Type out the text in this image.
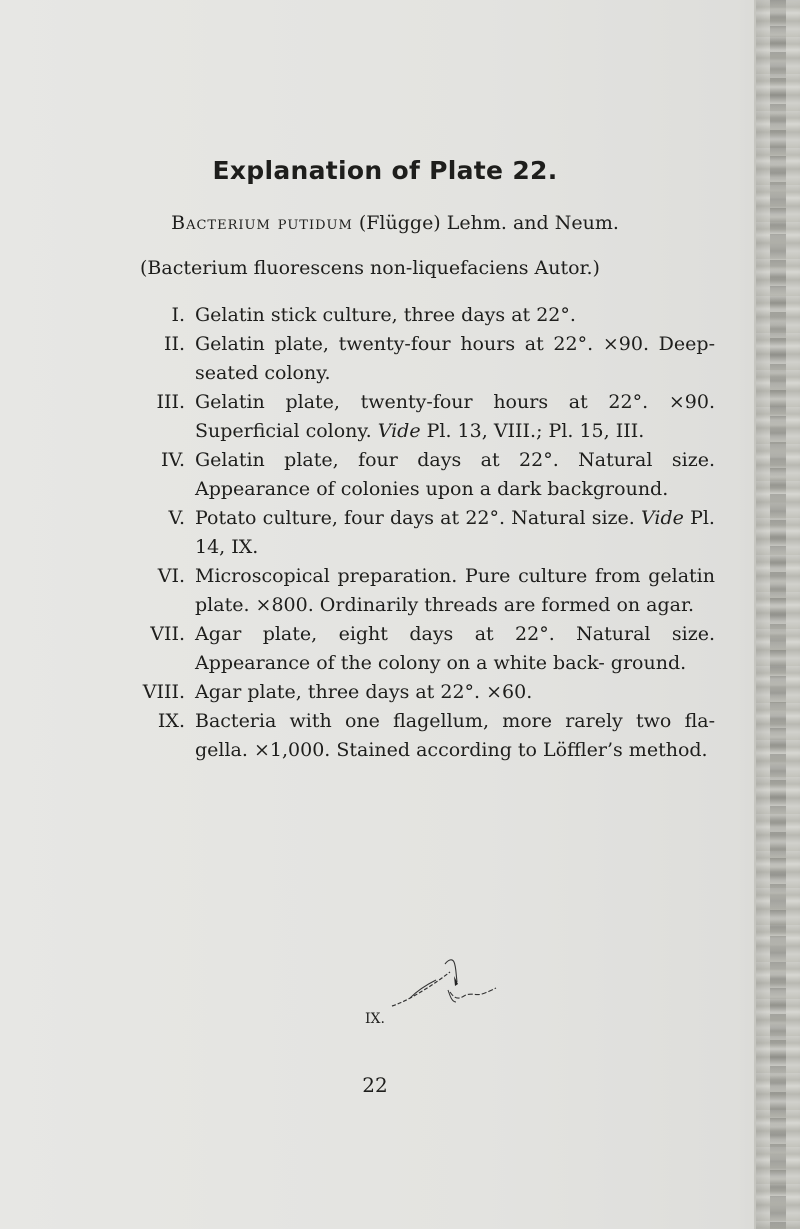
Explanation of Plate 22.
Bacterium putidum (Flügge) Lehm. and Neum.
(Bacterium fluorescens non-liquefaciens Autor.)
I. Gelatin stick culture, three days at 22°.
II. Gelatin plate, twenty-four hours at 22°. ×90. Deep-seated colony.
III. Gelatin plate, twenty-four hours at 22°. ×90. Superficial colony. Vide Pl. 13, VIII.; Pl. 15, III.
IV. Gelatin plate, four days at 22°. Natural size. Appearance of colonies upon a dark background.
V. Potato culture, four days at 22°. Natural size. Vide Pl. 14, IX.
VI. Microscopical preparation. Pure culture from gelatin plate. ×800. Ordinarily threads are formed on agar.
VII. Agar plate, eight days at 22°. Natural size. Appearance of the colony on a white back- ground.
VIII. Agar plate, three days at 22°. ×60.
IX. Bacteria with one flagellum, more rarely two fla- gella. ×1,000. Stained according to Löffler’s method.
IX.
22
